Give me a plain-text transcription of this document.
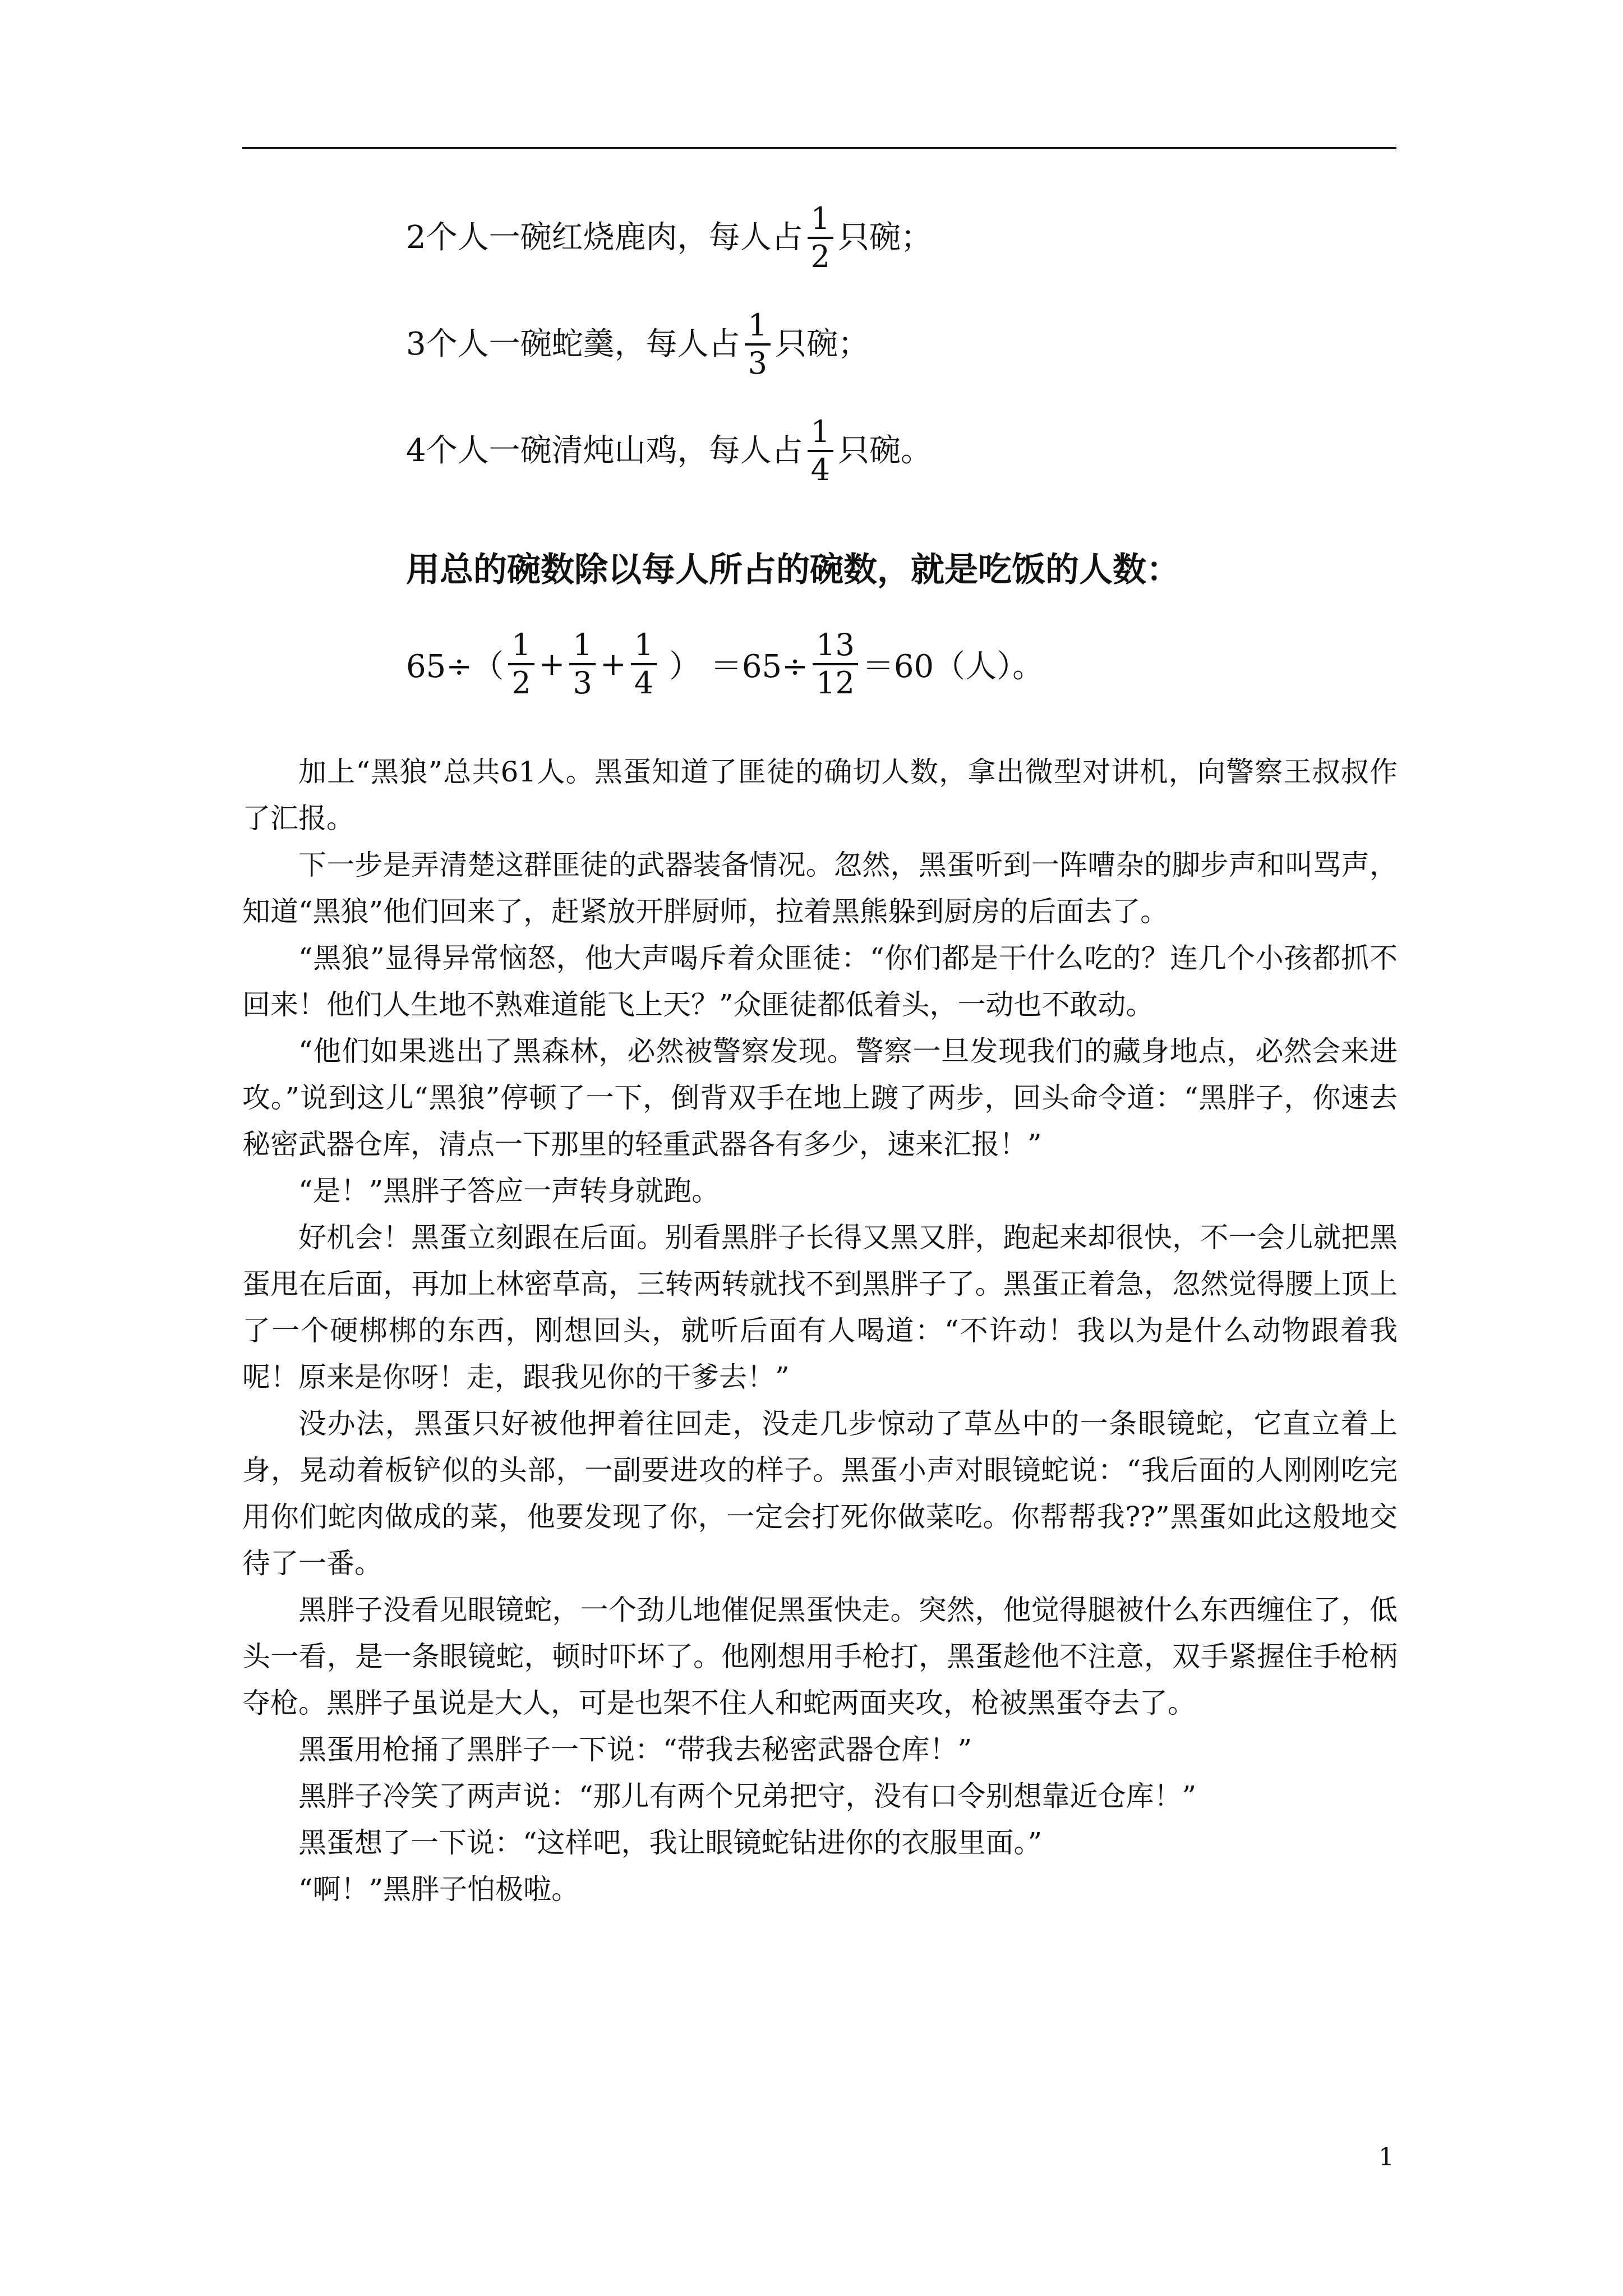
2个人一碗红烧鹿肉，每人占 $\frac{1}{2}$ 只碗；
3个人一碗蛇羹，每人占 $\frac{1}{3}$ 只碗；
4个人一碗清炖山鸡，每人占 $\frac{1}{4}$ 只碗。
用总的碗数除以每人所占的碗数，就是吃饭的人数：
$65\div( \frac{1}{2} + \frac{1}{3} + \frac{1}{4}$ ） $=65\div \frac{13}{12} =60$（人）。

加上“黑狼”总共61人。黑蛋知道了匪徒的确切人数，拿出微型对讲机，向警察王叔叔作了汇报。

下一步是弄清楚这群匪徒的武器装备情况。忽然，黑蛋听到一阵嘈杂的脚步声和叫骂声，知道“黑狼”他们回来了，赶紧放开胖厨师，拉着黑熊躲到厨房的后面去了。

“黑狼”显得异常恼怒，他大声喝斥着众匪徒：“你们都是干什么吃的？连几个小孩都抓不回来！他们人生地不熟难道能飞上天？”众匪徒都低着头，一动也不敢动。

“他们如果逃出了黑森林，必然被警察发现。警察一旦发现我们的藏身地点，必然会来进攻。”说到这儿“黑狼”停顿了一下，倒背双手在地上踱了两步，回头命令道：“黑胖子，你速去秘密武器仓库，清点一下那里的轻重武器各有多少，速来汇报！”

“是！”黑胖子答应一声转身就跑。

好机会！黑蛋立刻跟在后面。别看黑胖子长得又黑又胖，跑起来却很快，不一会儿就把黑蛋甩在后面，再加上林密草高，三转两转就找不到黑胖子了。黑蛋正着急，忽然觉得腰上顶上了一个硬梆梆的东西，刚想回头，就听后面有人喝道：“不许动！我以为是什么动物跟着我呢！原来是你呀！走，跟我见你的干爹去！”

没办法，黑蛋只好被他押着往回走，没走几步惊动了草丛中的一条眼镜蛇，它直立着上身，晃动着板铲似的头部，一副要进攻的样子。黑蛋小声对眼镜蛇说：“我后面的人刚刚吃完用你们蛇肉做成的菜，他要发现了你，一定会打死你做菜吃。你帮帮我??”黑蛋如此这般地交待了一番。

黑胖子没看见眼镜蛇，一个劲儿地催促黑蛋快走。突然，他觉得腿被什么东西缠住了，低头一看，是一条眼镜蛇，顿时吓坏了。他刚想用手枪打，黑蛋趁他不注意，双手紧握住手枪柄夺枪。黑胖子虽说是大人，可是也架不住人和蛇两面夹攻，枪被黑蛋夺去了。

黑蛋用枪捅了黑胖子一下说：“带我去秘密武器仓库！”

黑胖子冷笑了两声说：“那儿有两个兄弟把守，没有口令别想靠近仓库！”

黑蛋想了一下说：“这样吧，我让眼镜蛇钻进你的衣服里面。”

“啊！”黑胖子怕极啦。

1
